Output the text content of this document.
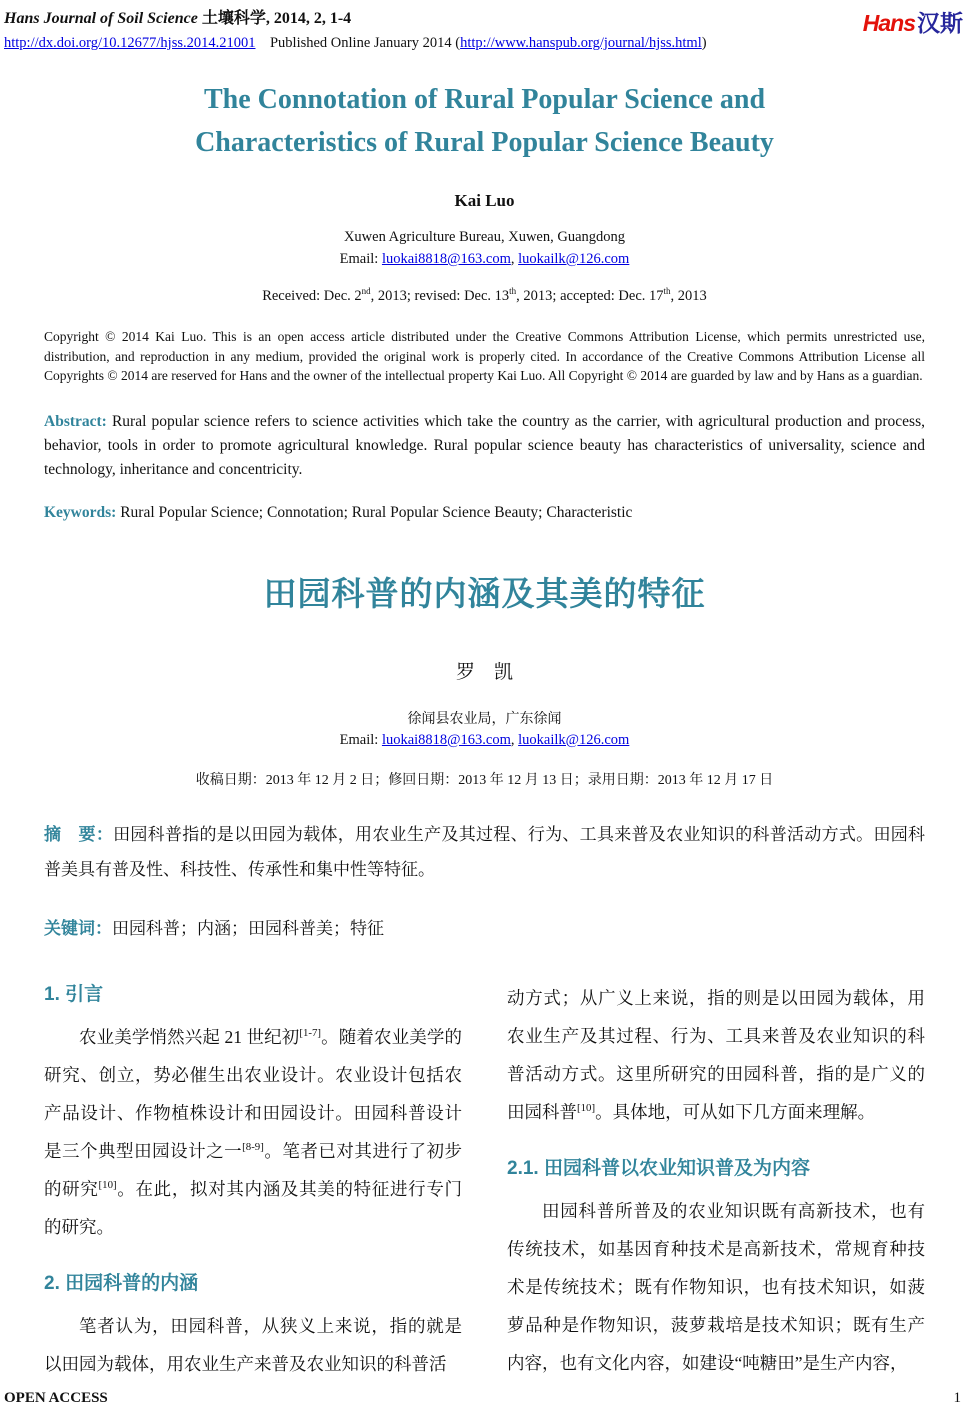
Hans Journal of Soil Science 土壤科学, 2014, 2, 1-4
http://dx.doi.org/10.12677/hjss.2014.21001 Published Online January 2014 (http://www.hanspub.org/journal/hjss.html)
Hans汉斯
The Connotation of Rural Popular Science and
Characteristics of Rural Popular Science Beauty
Kai Luo
Xuwen Agriculture Bureau, Xuwen, Guangdong
Email: luokai8818@163.com, luokailk@126.com
Received: Dec. 2nd, 2013; revised: Dec. 13th, 2013; accepted: Dec. 17th, 2013
Copyright © 2014 Kai Luo. This is an open access article distributed under the Creative Commons Attribution License, which permits unrestricted use, distribution, and reproduction in any medium, provided the original work is properly cited. In accordance of the Creative Commons Attribution License all Copyrights © 2014 are reserved for Hans and the owner of the intellectual property Kai Luo. All Copyright © 2014 are guarded by law and by Hans as a guardian.
Abstract: Rural popular science refers to science activities which take the country as the carrier, with agricultural production and process, behavior, tools in order to promote agricultural knowledge. Rural popular science beauty has characteristics of universality, science and technology, inheritance and concentricity.
Keywords: Rural Popular Science; Connotation; Rural Popular Science Beauty; Characteristic
田园科普的内涵及其美的特征
罗　凯
徐闻县农业局，广东徐闻
Email: luokai8818@163.com, luokailk@126.com
收稿日期：2013 年 12 月 2 日；修回日期：2013 年 12 月 13 日；录用日期：2013 年 12 月 17 日
摘　要：田园科普指的是以田园为载体，用农业生产及其过程、行为、工具来普及农业知识的科普活动方式。田园科普美具有普及性、科技性、传承性和集中性等特征。
关键词：田园科普；内涵；田园科普美；特征
1. 引言

农业美学悄然兴起 21 世纪初[1-7]。随着农业美学的研究、创立，势必催生出农业设计。农业设计包括农产品设计、作物植株设计和田园设计。田园科普设计是三个典型田园设计之一[8-9]。笔者已对其进行了初步的研究[10]。在此，拟对其内涵及其美的特征进行专门的研究。

2. 田园科普的内涵

笔者认为，田园科普，从狭义上来说，指的就是以田园为载体，用农业生产来普及农业知识的科普活

动方式；从广义上来说，指的则是以田园为载体，用农业生产及其过程、行为、工具来普及农业知识的科普活动方式。这里所研究的田园科普，指的是广义的田园科普[10]。具体地，可从如下几方面来理解。

2.1. 田园科普以农业知识普及为内容

田园科普所普及的农业知识既有高新技术，也有传统技术，如基因育种技术是高新技术，常规育种技术是传统技术；既有作物知识，也有技术知识，如菠萝品种是作物知识，菠萝栽培是技术知识；既有生产内容，也有文化内容，如建设“吨糖田”是生产内容，

OPEN ACCESS	1
